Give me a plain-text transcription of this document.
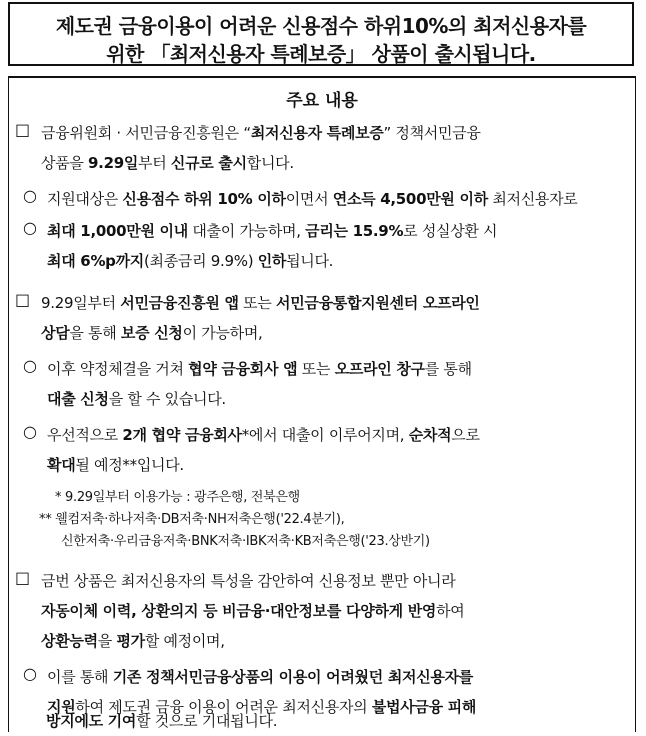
제도권 금융이용이 어려운 신용점수 하위10%의 최저신용자를
위한 「최저신용자 특례보증」 상품이 출시됩니다.
주요 내용
□ 금융위원회 · 서민금융진흥원은 “최저신용자 특례보증” 정책서민금융
상품을 9.29일부터 신규로 출시합니다.
○ 지원대상은 신용점수 하위 10% 이하이면서 연소득 4,500만원 이하 최저신용자로
○ 최대 1,000만원 이내 대출이 가능하며, 금리는 15.9%로 성실상환 시
최대 6%p까지(최종금리 9.9%) 인하됩니다.
□ 9.29일부터 서민금융진흥원 앱 또는 서민금융통합지원센터 오프라인
상담을 통해 보증 신청이 가능하며,
○ 이후 약정체결을 거쳐 협약 금융회사 앱 또는 오프라인 창구를 통해
대출 신청을 할 수 있습니다.
○ 우선적으로 2개 협약 금융회사*에서 대출이 이루어지며, 순차적으로
확대될 예정**입니다.
* 9.29일부터 이용가능 : 광주은행, 전북은행
** 웰컴저축·하나저축·DB저축·NH저축은행('22.4분기),
신한저축·우리금융저축·BNK저축·IBK저축·KB저축은행('23.상반기)
□ 금번 상품은 최저신용자의 특성을 감안하여 신용정보 뿐만 아니라
자동이체 이력, 상환의지 등 비금융·대안정보를 다양하게 반영하여
상환능력을 평가할 예정이며,
○ 이를 통해 기존 정책서민금융상품의 이용이 어려웠던 최저신용자를
지원하여 제도권 금융 이용이 어려운 최저신용자의 불법사금융 피해
방지에도 기여할 것으로 기대됩니다.
